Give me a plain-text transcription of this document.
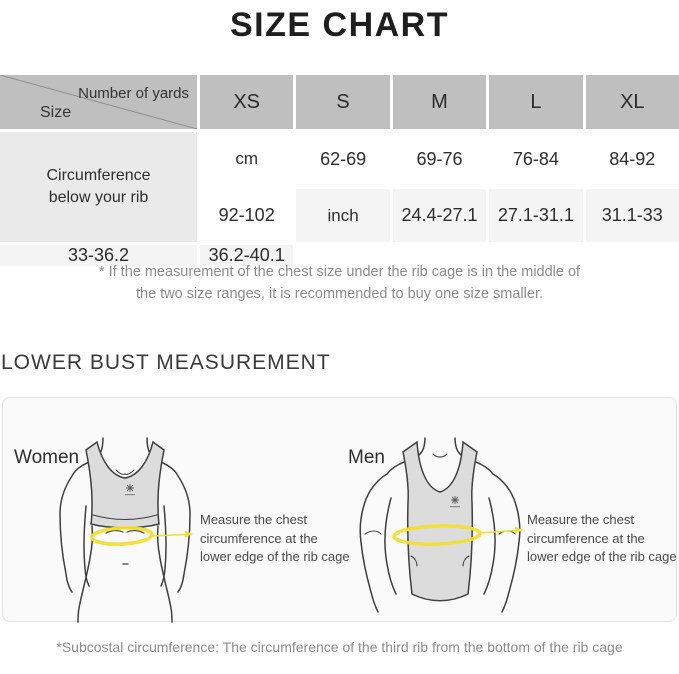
SIZE CHART
Number of yards
Size	XS	S	M	L	XL
Circumference below your rib
cm	62-69	69-76	76-84	84-92
92-102	inch	24.4-27.1	27.1-31.1	31.1-33
33-36.2	36.2-40.1
* If the measurement of the chest size under the rib cage is in the middle of
the two size ranges, it is recommended to buy one size smaller.
LOWER BUST MEASUREMENT
Women	Men
Measure the chest
circumference at the
lower edge of the rib cage
Measure the chest
circumference at the
lower edge of the rib cage
*Subcostal circumference: The circumference of the third rib from the bottom of the rib cage
